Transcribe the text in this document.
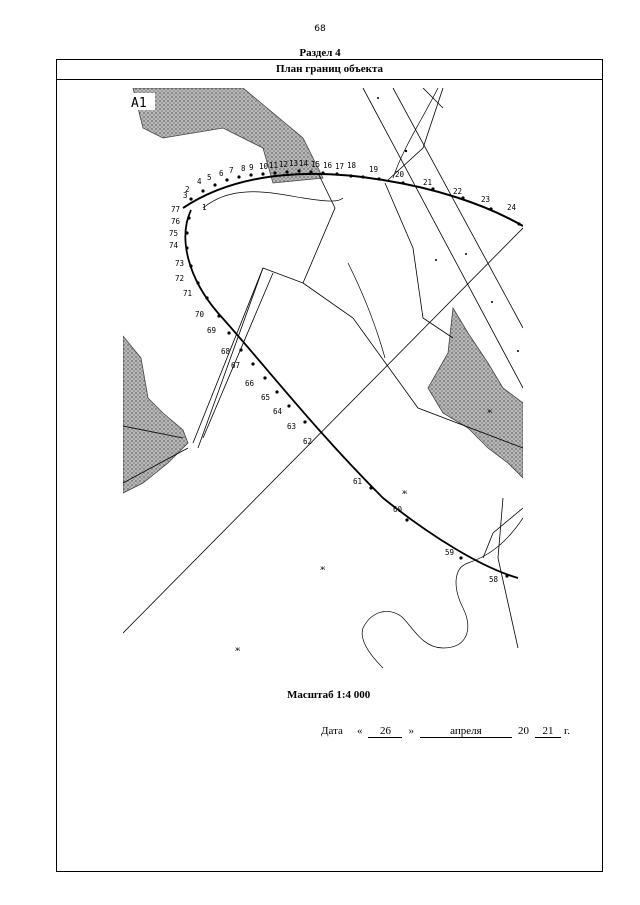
68
Раздел 4
План границ объекта
ж
ж
ж
ж
А1
1
2
3
4 5 6 7 8 9 10 11 12 13 14 15 16 17 18 19
20
21
22
23
24
58
59
60
61
62
63
64
65
66
67
68
69
70
71
72
73
74
75
76
77
Масштаб 1:4 000
Дата «	26	»	апреля	20	21 г.
